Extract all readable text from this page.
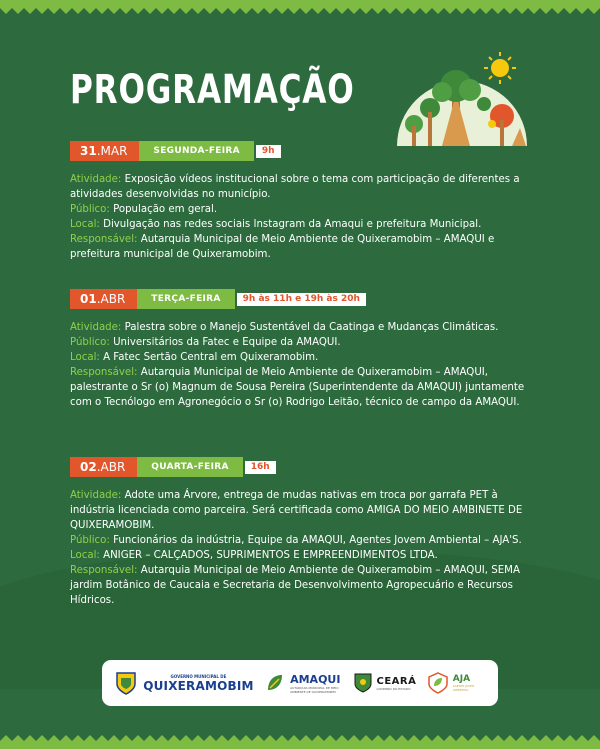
PROGRAMAÇÃO
31.MAR	SEGUNDA-FEIRA	9h

Atividade: Exposição vídeos institucional sobre o tema com participação de diferentes a atividades desenvolvidas no município.

Público: População em geral.

Local: Divulgação nas redes sociais Instagram da Amaqui e prefeitura Municipal.

Responsável: Autarquia Municipal de Meio Ambiente de Quixeramobim – AMAQUI e prefeitura municipal de Quixeramobim.

01.ABR	TERÇA-FEIRA	9h às 11h e 19h às 20h

Atividade: Palestra sobre o Manejo Sustentável da Caatinga e Mudanças Climáticas.

Público: Universitários da Fatec e Equipe da AMAQUI.

Local: A Fatec Sertão Central em Quixeramobim.

Responsável: Autarquia Municipal de Meio Ambiente de Quixeramobim – AMAQUI, palestrante o Sr (o) Magnum de Sousa Pereira (Superintendente da AMAQUI) juntamente com o Tecnólogo em Agronegócio o Sr (o) Rodrigo Leitão, técnico de campo da AMAQUI.

02.ABR	QUARTA-FEIRA	16h

Atividade: Adote uma Árvore, entrega de mudas nativas em troca por garrafa PET à indústria licenciada como parceira. Será certificada como AMIGA DO MEIO AMBINETE DE QUIXERAMOBIM.

Público: Funcionários da indústria, Equipe da AMAQUI, Agentes Jovem Ambiental – AJA'S.

Local: ANIGER – CALÇADOS, SUPRIMENTOS E EMPREENDIMENTOS LTDA.

Responsável: Autarquia Municipal de Meio Ambiente de Quixeramobim – AMAQUI, SEMA jardim Botânico de Caucaia e Secretaria de Desenvolvimento Agropecuário e Recursos Hídricos.

GOVERNO MUNICIPAL DE
QUIXERAMOBIM	AMAQUI
AUTARQUIA MUNICIPAL DE MEIO AMBIENTE DE QUIXERAMOBIM
CEARÁ
GOVERNO DO ESTADO
AJA
AGENTE JOVEM AMBIENTAL
